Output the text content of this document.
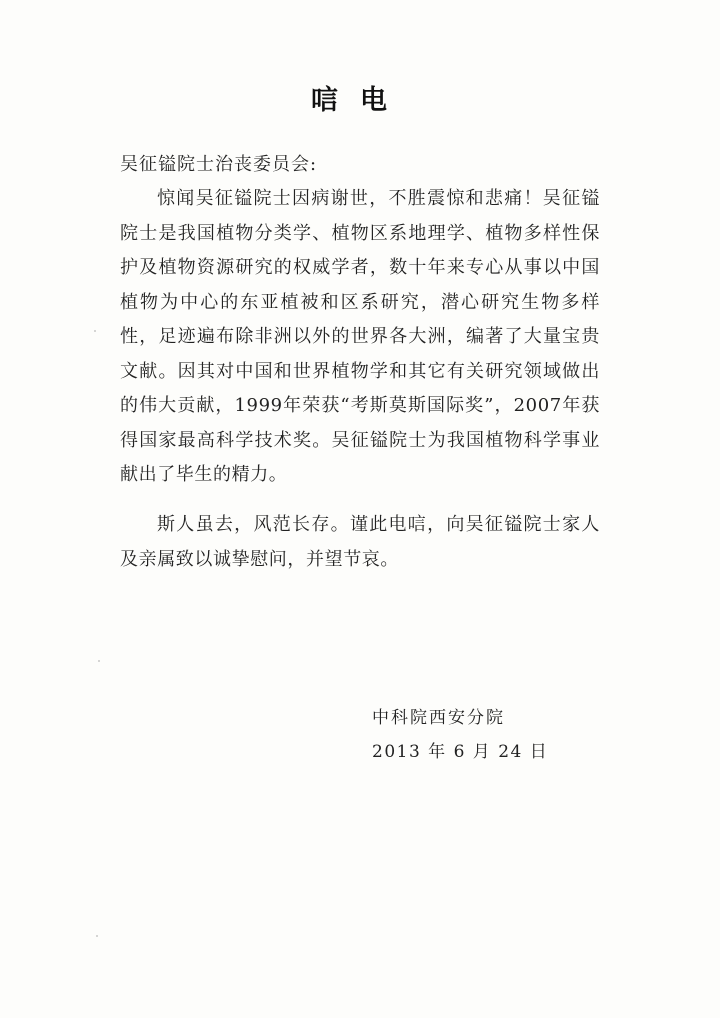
唁电
吴征镒院士治丧委员会:

惊闻吴征镒院士因病谢世，不胜震惊和悲痛！吴征镒院士是我国植物分类学、植物区系地理学、植物多样性保护及植物资源研究的权威学者，数十年来专心从事以中国植物为中心的东亚植被和区系研究，潜心研究生物多样性，足迹遍布除非洲以外的世界各大洲，编著了大量宝贵文献。因其对中国和世界植物学和其它有关研究领域做出的伟大贡献，1999年荣获“考斯莫斯国际奖”，2007年获得国家最高科学技术奖。吴征镒院士为我国植物科学事业献出了毕生的精力。

斯人虽去，风范长存。谨此电唁，向吴征镒院士家人及亲属致以诚挚慰问，并望节哀。

中科院西安分院
2013 年 6 月 24 日
